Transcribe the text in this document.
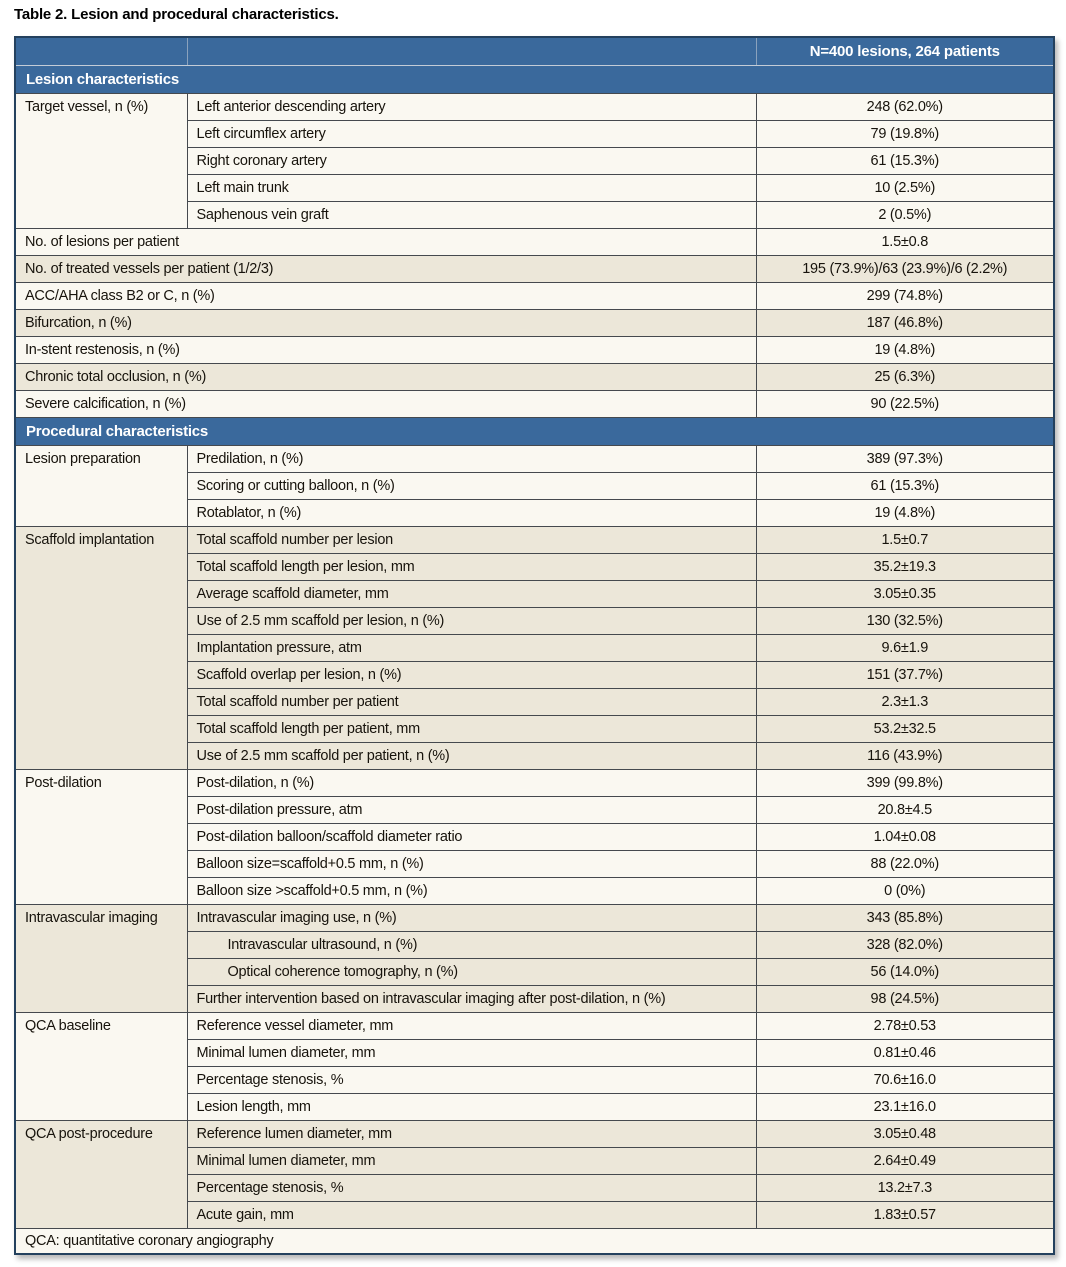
Table 2. Lesion and procedural characteristics.
		N=400 lesions, 264 patients
Lesion characteristics		
Target vessel, n (%)	Left anterior descending artery	248 (62.0%)
	Left circumflex artery	79 (19.8%)
	Right coronary artery	61 (15.3%)
	Left main trunk	10 (2.5%)
	Saphenous vein graft	2 (0.5%)
No. of lesions per patient		1.5±0.8
No. of treated vessels per patient (1/2/3)		195 (73.9%)/63 (23.9%)/6 (2.2%)
ACC/AHA class B2 or C, n (%)		299 (74.8%)
Bifurcation, n (%)		187 (46.8%)
In-stent restenosis, n (%)		19 (4.8%)
Chronic total occlusion, n (%)		25 (6.3%)
Severe calcification, n (%)		90 (22.5%)
Procedural characteristics		
Lesion preparation	Predilation, n (%)	389 (97.3%)
	Scoring or cutting balloon, n (%)	61 (15.3%)
	Rotablator, n (%)	19 (4.8%)
Scaffold implantation	Total scaffold number per lesion	1.5±0.7
	Total scaffold length per lesion, mm	35.2±19.3
	Average scaffold diameter, mm	3.05±0.35
	Use of 2.5 mm scaffold per lesion, n (%)	130 (32.5%)
	Implantation pressure, atm	9.6±1.9
	Scaffold overlap per lesion, n (%)	151 (37.7%)
	Total scaffold number per patient	2.3±1.3
	Total scaffold length per patient, mm	53.2±32.5
	Use of 2.5 mm scaffold per patient, n (%)	116 (43.9%)
Post-dilation	Post-dilation, n (%)	399 (99.8%)
	Post-dilation pressure, atm	20.8±4.5
	Post-dilation balloon/scaffold diameter ratio	1.04±0.08
	Balloon size=scaffold+0.5 mm, n (%)	88 (22.0%)
	Balloon size >scaffold+0.5 mm, n (%)	0 (0%)
Intravascular imaging	Intravascular imaging use, n (%)	343 (85.8%)
	Intravascular ultrasound, n (%)	328 (82.0%)
	Optical coherence tomography, n (%)	56 (14.0%)
	Further intervention based on intravascular imaging after post-dilation, n (%)	98 (24.5%)
QCA baseline	Reference vessel diameter, mm	2.78±0.53
	Minimal lumen diameter, mm	0.81±0.46
	Percentage stenosis, %	70.6±16.0
	Lesion length, mm	23.1±16.0
QCA post-procedure	Reference lumen diameter, mm	3.05±0.48
	Minimal lumen diameter, mm	2.64±0.49
	Percentage stenosis, %	13.2±7.3
	Acute gain, mm	1.83±0.57
QCA: quantitative coronary angiography		
